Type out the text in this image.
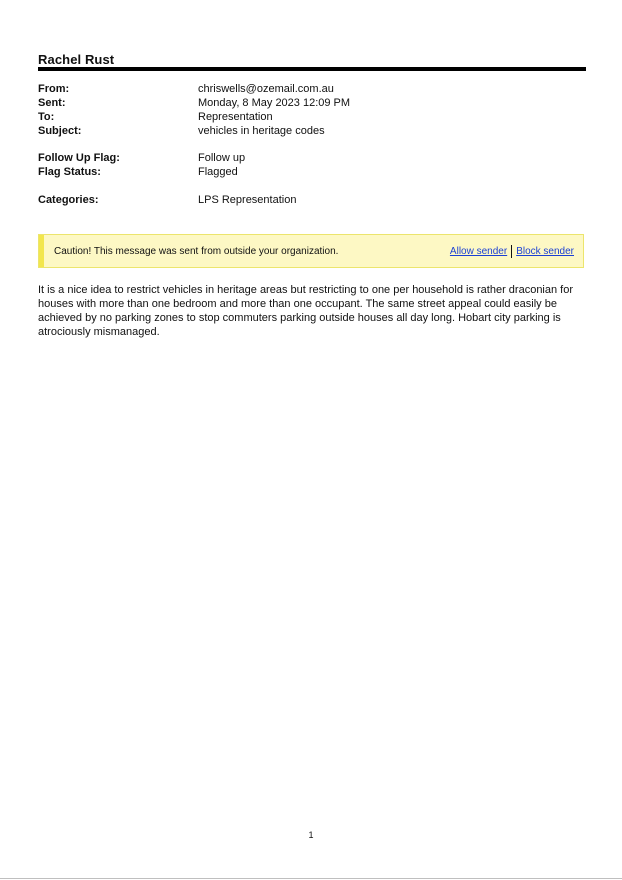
Rachel Rust
From:	chriswells@ozemail.com.au
Sent:	Monday, 8 May 2023 12:09 PM
To:	Representation
Subject:	vehicles in heritage codes
Follow Up Flag:	Follow up
Flag Status:	Flagged
Categories:	LPS Representation
Caution! This message was sent from outside your organization.	Allow sender Block sender
It is a nice idea to restrict vehicles in heritage areas but restricting to one per household is rather draconian for houses with more than one bedroom and more than one occupant. The same street appeal could easily be achieved by no parking zones to stop commuters parking outside houses all day long. Hobart city parking is atrociously mismanaged.
1
